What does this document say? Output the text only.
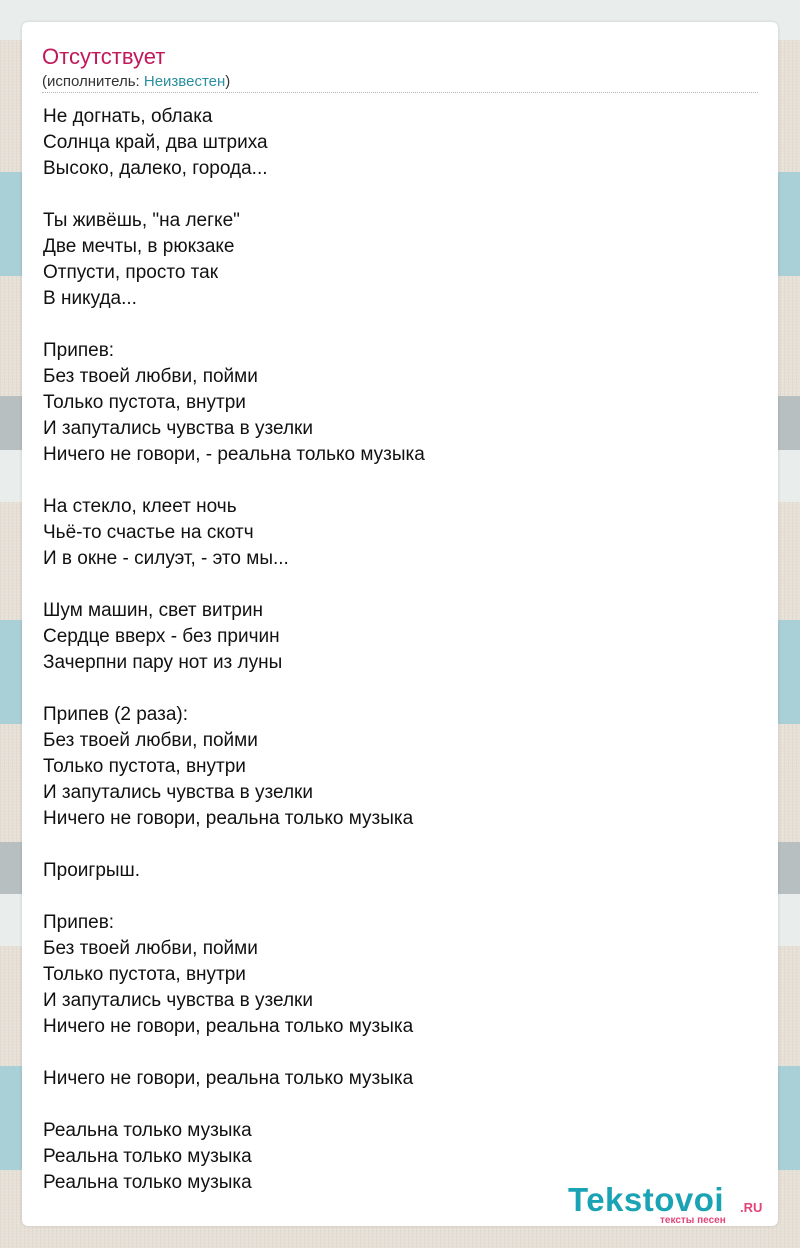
Отсутствует
(исполнитель: Неизвестен)
Не догнать, облака
Солнца край, два штриха
Высоко, далеко, города...
Ты живёшь, "на легке"
Две мечты, в рюкзаке
Отпусти, просто так
В никуда...
Припев:
Без твоей любви, пойми
Только пустота, внутри
И запутались чувства в узелки
Ничего не говори, - реальна только музыка
На стекло, клеет ночь
Чьё-то счастье на скотч
И в окне - силуэт, - это мы...
Шум машин, свет витрин
Сердце вверх - без причин
Зачерпни пару нот из луны
Припев (2 раза):
Без твоей любви, пойми
Только пустота, внутри
И запутались чувства в узелки
Ничего не говори, реальна только музыка
Проигрыш.
Припев:
Без твоей любви, пойми
Только пустота, внутри
И запутались чувства в узелки
Ничего не говори, реальна только музыка
Ничего не говори, реальна только музыка
Реальна только музыка
Реальна только музыка
Реальна только музыка	Tekstovoi .RU
тексты песен
